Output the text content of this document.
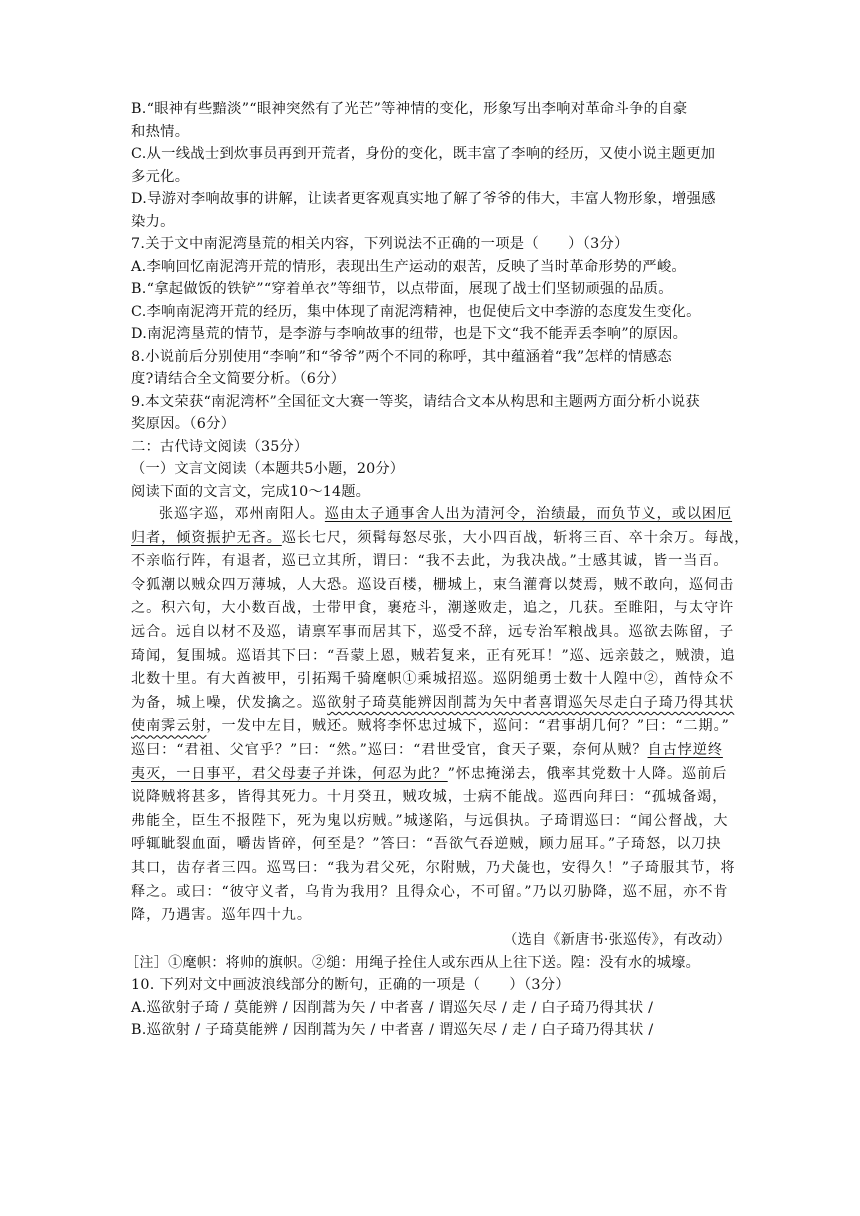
B.“眼神有些黯淡”“眼神突然有了光芒”等神情的变化，形象写出李响对革命斗争的自豪
和热情。
C.从一线战士到炊事员再到开荒者，身份的变化，既丰富了李响的经历，又使小说主题更加
多元化。
D.导游对李响故事的讲解，让读者更客观真实地了解了爷爷的伟大，丰富人物形象，增强感
染力。
7.关于文中南泥湾垦荒的相关内容，下列说法不正确的一项是（　　）（3分）
A.李响回忆南泥湾开荒的情形，表现出生产运动的艰苦，反映了当时革命形势的严峻。
B.“拿起做饭的铁铲”“穿着单衣”等细节，以点带面，展现了战士们坚韧顽强的品质。
C.李响南泥湾开荒的经历，集中体现了南泥湾精神，也促使后文中李游的态度发生变化。
D.南泥湾垦荒的情节，是李游与李响故事的纽带，也是下文“我不能弄丢李响”的原因。
8.小说前后分别使用“李响”和“爷爷”两个不同的称呼，其中蕴涵着“我”怎样的情感态
度?请结合全文简要分析。（6分）
9.本文荣获“南泥湾杯”全国征文大赛一等奖，请结合文本从构思和主题两方面分析小说获
奖原因。（6分）
二：古代诗文阅读（35分）
（一）文言文阅读（本题共5小题，20分）
阅读下面的文言文，完成10～14题。
张巡字巡，邓州南阳人。巡由太子通事舍人出为清河令，治绩最，而负节义，或以困厄
归者，倾资振护无吝。巡长七尺，须髯每怒尽张，大小四百战，斩将三百、卒十余万。每战，
不亲临行阵，有退者，巡已立其所，谓曰：“我不去此，为我决战。”士感其诚，皆一当百。
令狐潮以贼众四万薄城，人大恐。巡设百楼，栅城上，束刍灌膏以焚焉，贼不敢向，巡伺击
之。积六旬，大小数百战，士带甲食，裹疮斗，潮遂败走，追之，几获。至睢阳，与太守许
远合。远自以材不及巡，请禀军事而居其下，巡受不辞，远专治军粮战具。巡欲去陈留，子
琦闻，复围城。巡语其下曰：“吾蒙上恩，贼若复来，正有死耳！”巡、远亲鼓之，贼溃，追
北数十里。有大酋被甲，引拓羯千骑麾帜①乘城招巡。巡阴缒勇士数十人隍中②，酋恃众不
为备，城上噪，伏发擒之。巡欲射子琦莫能辨因削蒿为矢中者喜谓巡矢尽走白子琦乃得其状
使南霁云射，一发中左目，贼还。贼将李怀忠过城下，巡问：“君事胡几何？”曰：“二期。”
巡曰：“君祖、父官乎？”曰：“然。”巡曰：“君世受官，食天子粟，奈何从贼？自古悖逆终
夷灭，一日事平，君父母妻子并诛，何忍为此？”怀忠掩涕去，俄率其党数十人降。巡前后
说降贼将甚多，皆得其死力。十月癸丑，贼攻城，士病不能战。巡西向拜曰：“孤城备竭，
弗能全，臣生不报陛下，死为鬼以疠贼。”城遂陷，与远俱执。子琦谓巡曰：“闻公督战，大
呼辄眦裂血面，嚼齿皆碎，何至是？”答曰：“吾欲气吞逆贼，顾力屈耳。”子琦怒，以刀抉
其口，齿存者三四。巡骂曰：“我为君父死，尔附贼，乃犬彘也，安得久！”子琦服其节，将
释之。或曰：“彼守义者，乌肯为我用？且得众心，不可留。”乃以刃胁降，巡不屈，亦不肯
降，乃遇害。巡年四十九。
（选自《新唐书·张巡传》，有改动）
［注］①麾帜：将帅的旗帜。②缒：用绳子拴住人或东西从上往下送。隍：没有水的城壕。
10. 下列对文中画波浪线部分的断句，正确的一项是（　　）（3分）
A.巡欲射子琦 / 莫能辨 / 因削蒿为矢 / 中者喜 / 谓巡矢尽 / 走 / 白子琦乃得其状 /
B.巡欲射 / 子琦莫能辨 / 因削蒿为矢 / 中者喜 / 谓巡矢尽 / 走 / 白子琦乃得其状 /
